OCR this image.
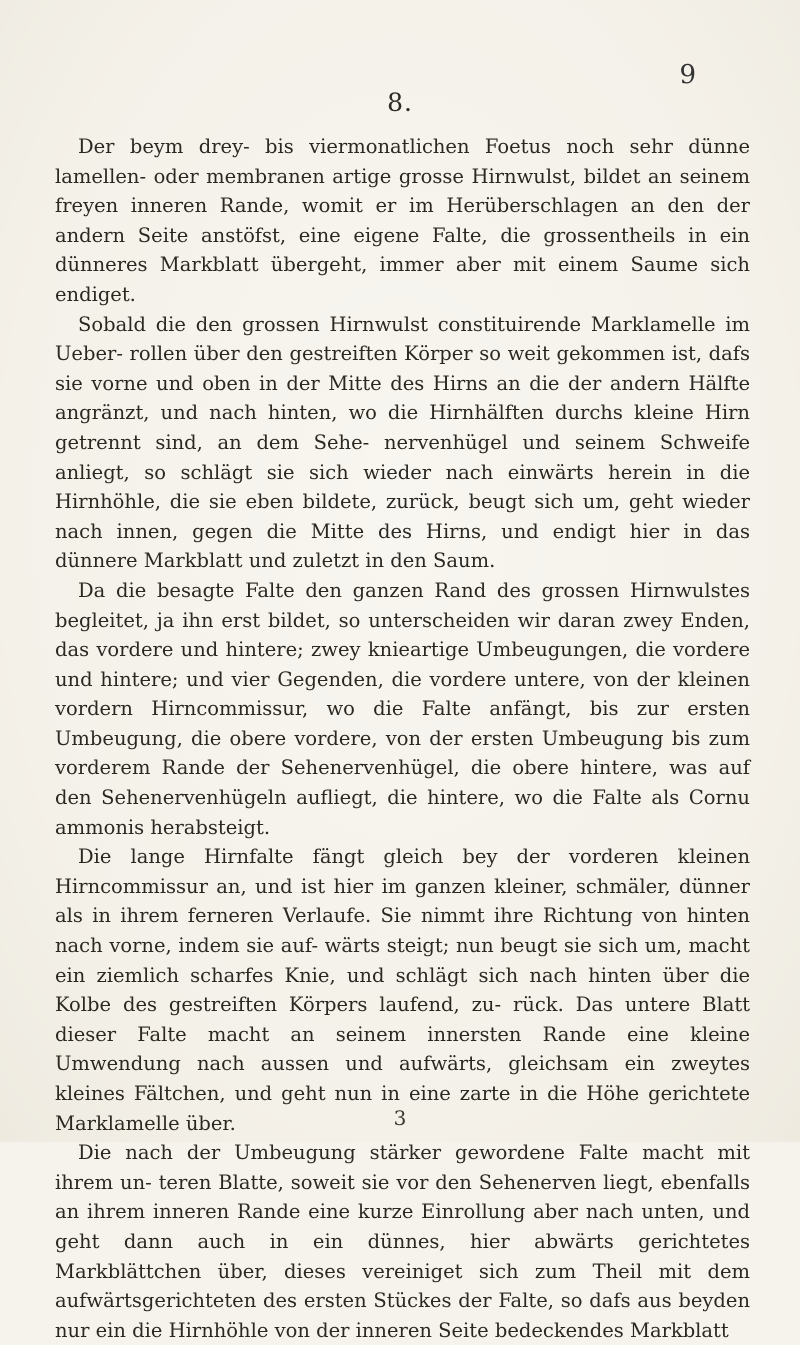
9
8.

Der beym drey- bis viermonatlichen Foetus noch sehr dünne lamellen- oder membranen artige grosse Hirnwulst, bildet an seinem freyen inneren Rande, womit er im Herüberschlagen an den der andern Seite anstöfst, eine eigene Falte, die grossentheils in ein dünneres Markblatt übergeht, immer aber mit einem Saume sich endiget.

Sobald die den grossen Hirnwulst constituirende Marklamelle im Ueber- rollen über den gestreiften Körper so weit gekommen ist, dafs sie vorne und oben in der Mitte des Hirns an die der andern Hälfte angränzt, und nach hinten, wo die Hirnhälften durchs kleine Hirn getrennt sind, an dem Sehe- nervenhügel und seinem Schweife anliegt, so schlägt sie sich wieder nach einwärts herein in die Hirnhöhle, die sie eben bildete, zurück, beugt sich um, geht wieder nach innen, gegen die Mitte des Hirns, und endigt hier in das dünnere Markblatt und zuletzt in den Saum.

Da die besagte Falte den ganzen Rand des grossen Hirnwulstes begleitet, ja ihn erst bildet, so unterscheiden wir daran zwey Enden, das vordere und hintere; zwey knieartige Umbeugungen, die vordere und hintere; und vier Gegenden, die vordere untere, von der kleinen vordern Hirncommissur, wo die Falte anfängt, bis zur ersten Umbeugung, die obere vordere, von der ersten Umbeugung bis zum vorderem Rande der Sehenervenhügel, die obere hintere, was auf den Sehenervenhügeln aufliegt, die hintere, wo die Falte als Cornu ammonis herabsteigt.

Die lange Hirnfalte fängt gleich bey der vorderen kleinen Hirncommissur an, und ist hier im ganzen kleiner, schmäler, dünner als in ihrem ferneren Verlaufe. Sie nimmt ihre Richtung von hinten nach vorne, indem sie auf- wärts steigt; nun beugt sie sich um, macht ein ziemlich scharfes Knie, und schlägt sich nach hinten über die Kolbe des gestreiften Körpers laufend, zu- rück. Das untere Blatt dieser Falte macht an seinem innersten Rande eine kleine Umwendung nach aussen und aufwärts, gleichsam ein zweytes kleines Fältchen, und geht nun in eine zarte in die Höhe gerichtete Marklamelle über.

Die nach der Umbeugung stärker gewordene Falte macht mit ihrem un- teren Blatte, soweit sie vor den Sehenerven liegt, ebenfalls an ihrem inneren Rande eine kurze Einrollung aber nach unten, und geht dann auch in ein dünnes, hier abwärts gerichtetes Markblättchen über, dieses vereiniget sich zum Theil mit dem aufwärtsgerichteten des ersten Stückes der Falte, so dafs aus beyden nur ein die Hirnhöhle von der inneren Seite bedeckendes Markblatt

3
